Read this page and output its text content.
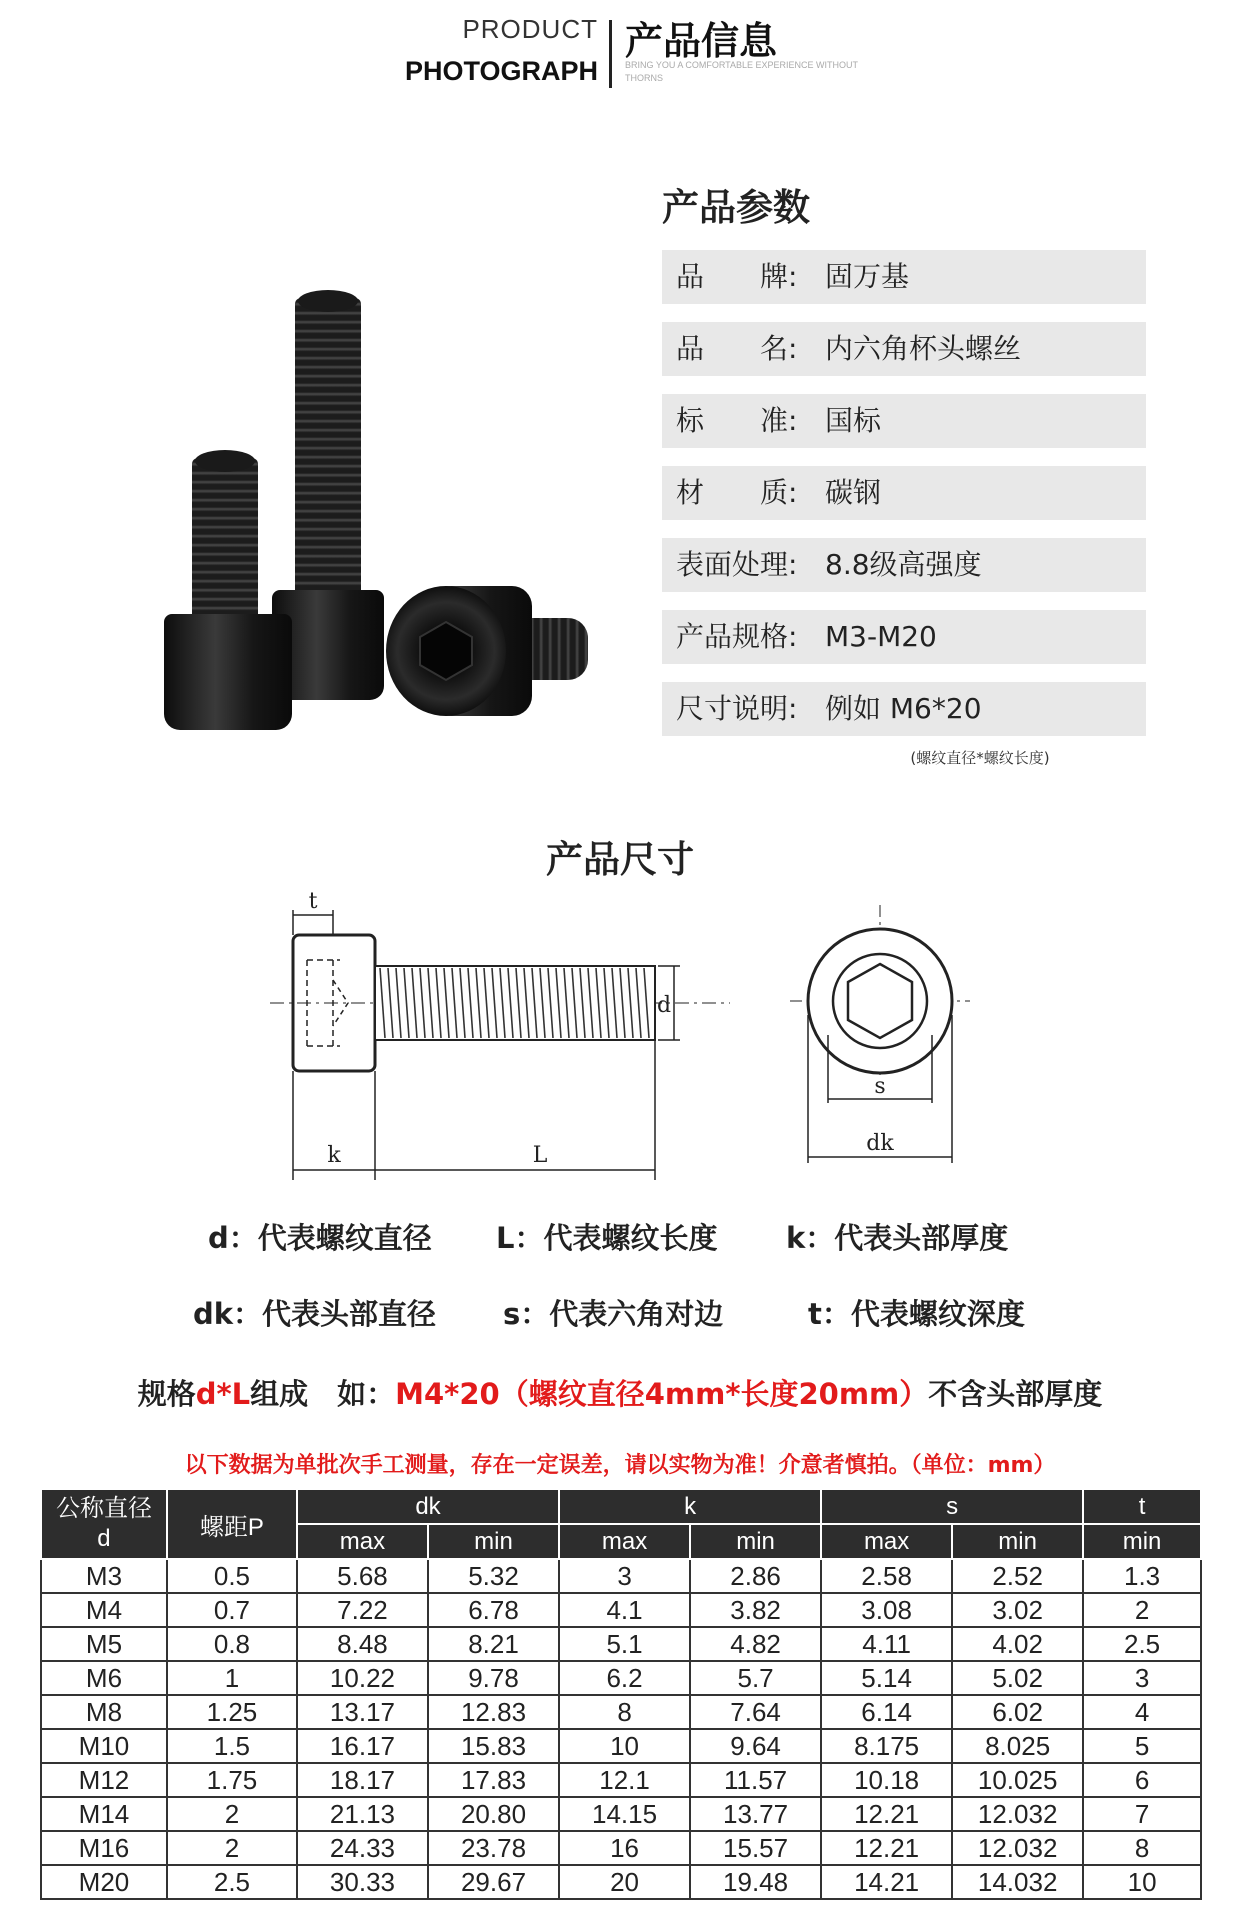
PRODUCT
PHOTOGRAPH
产品信息
BRING YOU A COMFORTABLE EXPERIENCE WITHOUT THORNS
产品参数
品　　牌: 固万基
品　　名: 内六角杯头螺丝
标　　准: 国标
材　　质: 碳钢
表面处理: 8.8级高强度
产品规格: M3-M20
尺寸说明: 例如 M6*20
(螺纹直径*螺纹长度)
产品尺寸
t
d
k	L
s
dk
d：代表螺纹直径 L：代表螺纹长度 k：代表头部厚度
dk：代表头部直径 s：代表六角对边	t：代表螺纹深度
规格d*L组成　如：M4*20（螺纹直径4mm*长度20mm）不含头部厚度
以下数据为单批次手工测量，存在一定误差，请以实物为准！介意者慎拍。（单位：mm）
公称直径
d	螺距P	dk		k		s		t
		max	min	max	min	max	min	min
M3	0.5	5.68	5.32	3	2.86	2.58	2.52	1.3
M4	0.7	7.22	6.78	4.1	3.82	3.08	3.02	2
M5	0.8	8.48	8.21	5.1	4.82	4.11	4.02	2.5
M6	1	10.22	9.78	6.2	5.7	5.14	5.02	3
M8	1.25	13.17	12.83	8	7.64	6.14	6.02	4
M10	1.5	16.17	15.83	10	9.64	8.175	8.025	5
M12	1.75	18.17	17.83	12.1	11.57	10.18	10.025	6
M14	2	21.13	20.80	14.15	13.77	12.21	12.032	7
M16	2	24.33	23.78	16	15.57	12.21	12.032	8
M20	2.5	30.33	29.67	20	19.48	14.21	14.032	10
